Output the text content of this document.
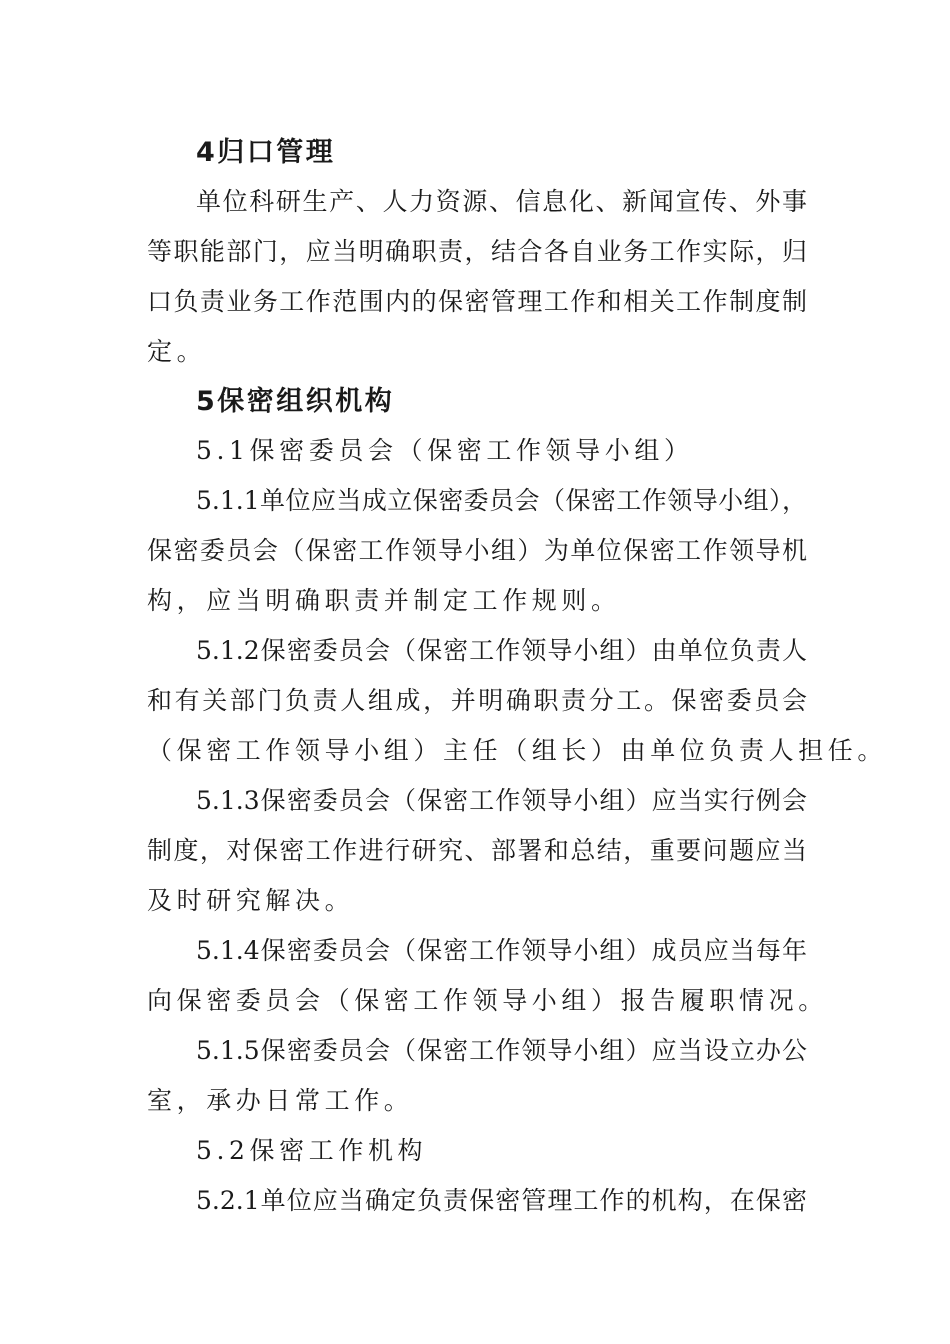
4归口管理
单位科研生产、人力资源、信息化、新闻宣传、外事
等职能部门，应当明确职责，结合各自业务工作实际，归
口负责业务工作范围内的保密管理工作和相关工作制度制
定。
5保密组织机构
5.1保密委员会（保密工作领导小组）
5.1.1单位应当成立保密委员会（保密工作领导小组），
保密委员会（保密工作领导小组）为单位保密工作领导机
构，应当明确职责并制定工作规则。
5.1.2保密委员会（保密工作领导小组）由单位负责人
和有关部门负责人组成，并明确职责分工。保密委员会
（保密工作领导小组）主任（组长）由单位负责人担任。
5.1.3保密委员会（保密工作领导小组）应当实行例会
制度，对保密工作进行研究、部署和总结，重要问题应当
及时研究解决。
5.1.4保密委员会（保密工作领导小组）成员应当每年
向保密委员会（保密工作领导小组）报告履职情况。
5.1.5保密委员会（保密工作领导小组）应当设立办公
室，承办日常工作。
5.2保密工作机构
5.2.1单位应当确定负责保密管理工作的机构，在保密
